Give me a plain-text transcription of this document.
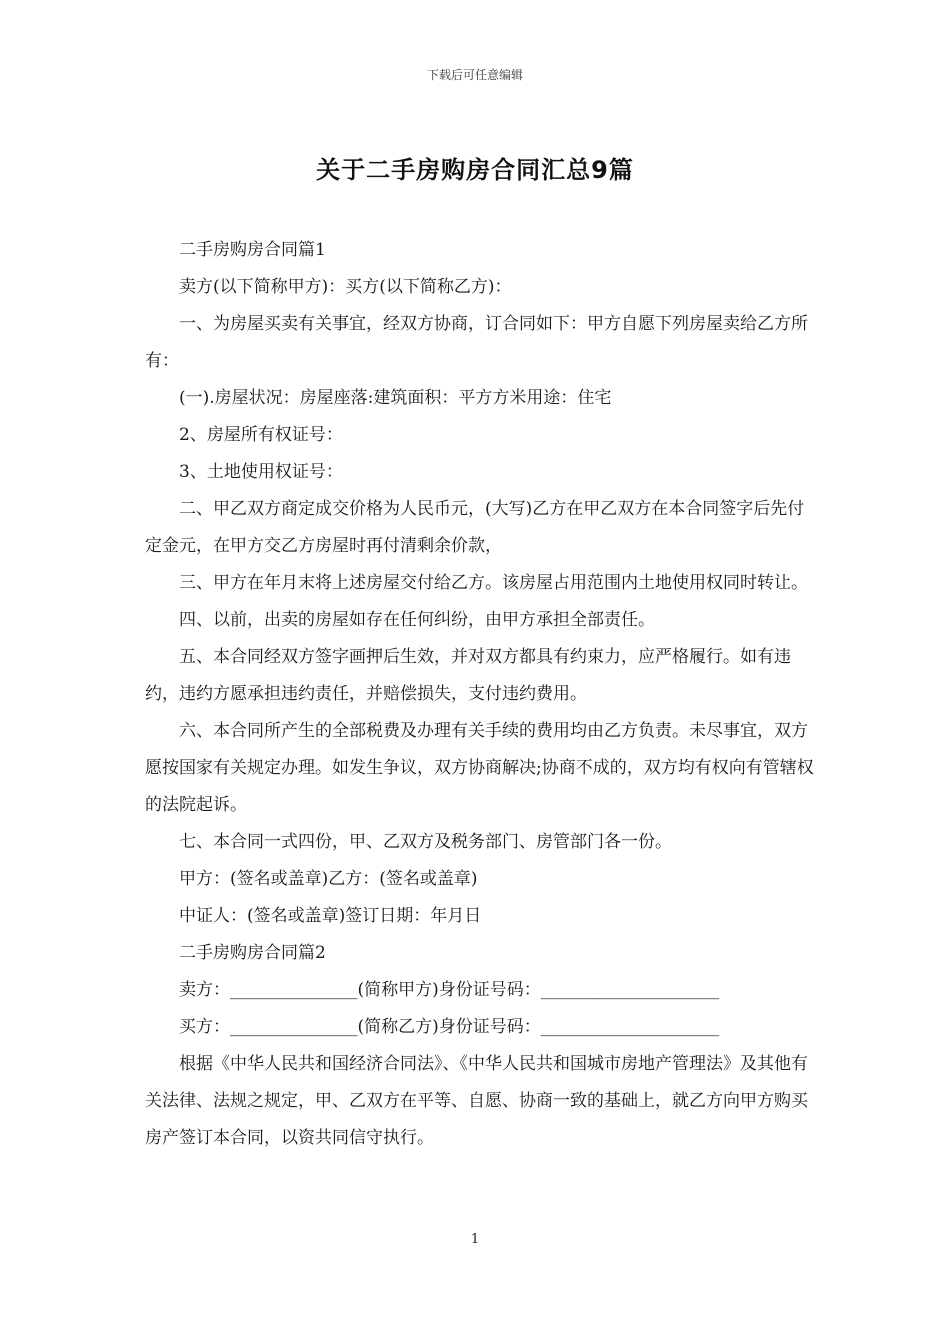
下载后可任意编辑
关于二手房购房合同汇总9篇

二手房购房合同篇1

卖方(以下简称甲方)：买方(以下简称乙方)：

一、为房屋买卖有关事宜，经双方协商，订合同如下：甲方自愿下列房屋卖给乙方所有：

(一).房屋状况：房屋座落:建筑面积：平方方米用途：住宅

2、房屋所有权证号：

3、土地使用权证号：

二、甲乙双方商定成交价格为人民币元，(大写)乙方在甲乙双方在本合同签字后先付定金元，在甲方交乙方房屋时再付清剩余价款，

三、甲方在年月末将上述房屋交付给乙方。该房屋占用范围内土地使用权同时转让。

四、以前，出卖的房屋如存在任何纠纷，由甲方承担全部责任。

五、本合同经双方签字画押后生效，并对双方都具有约束力，应严格履行。如有违约，违约方愿承担违约责任，并赔偿损失，支付违约费用。

六、本合同所产生的全部税费及办理有关手续的费用均由乙方负责。未尽事宜，双方愿按国家有关规定办理。如发生争议，双方协商解决;协商不成的，双方均有权向有管辖权的法院起诉。

七、本合同一式四份，甲、乙双方及税务部门、房管部门各一份。

甲方：(签名或盖章)乙方：(签名或盖章)

中证人：(签名或盖章)签订日期：年月日

二手房购房合同篇2

卖方：_______________(简称甲方)身份证号码：_____________________

买方：_______________(简称乙方)身份证号码：_____________________

根据《中华人民共和国经济合同法》、《中华人民共和国城市房地产管理法》及其他有关法律、法规之规定，甲、乙双方在平等、自愿、协商一致的基础上，就乙方向甲方购买房产签订本合同，以资共同信守执行。

1
